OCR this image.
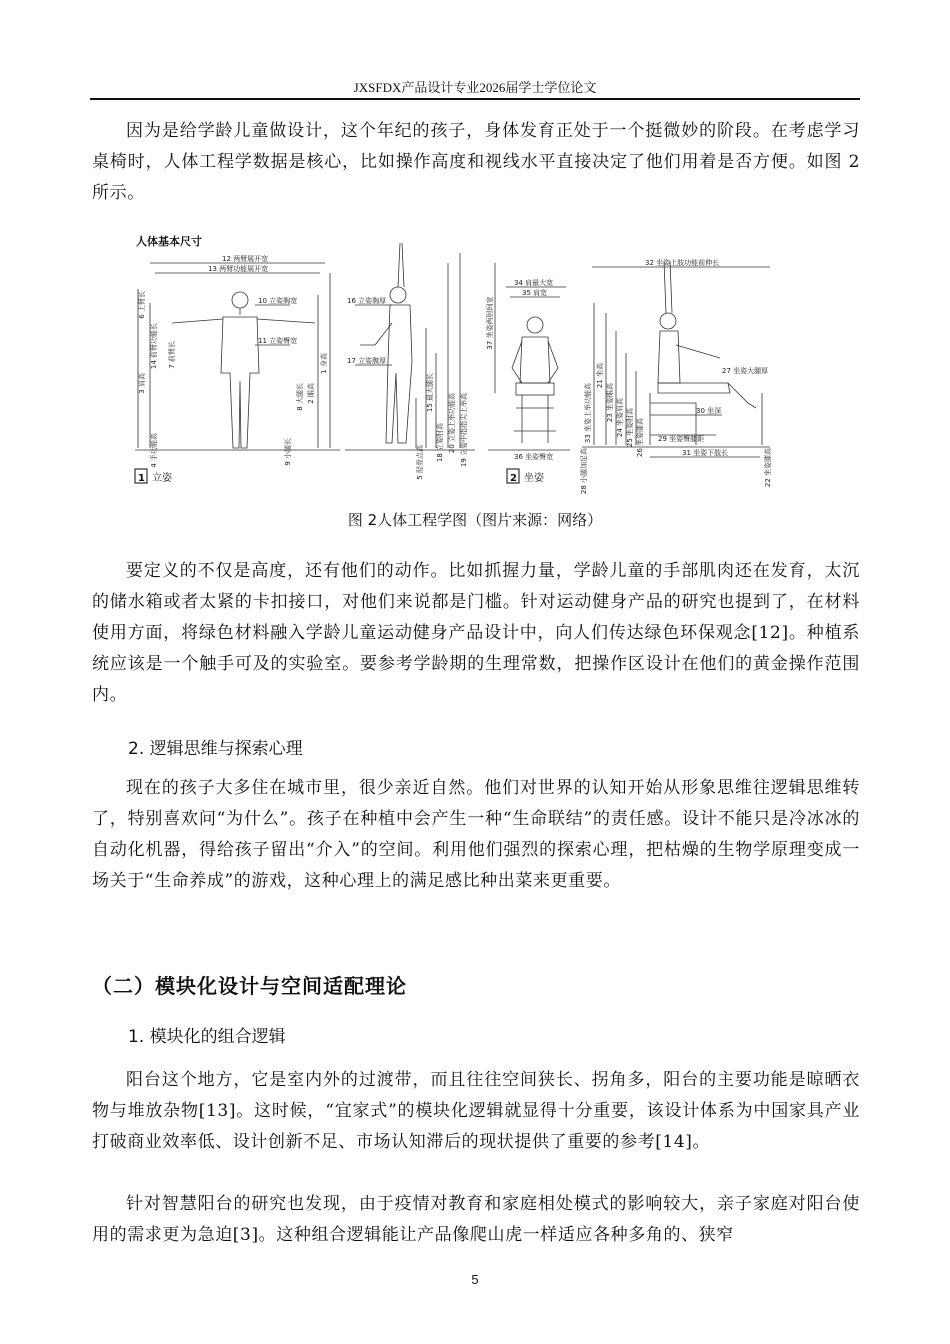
JXSFDX产品设计专业2026届学士学位论文

因为是给学龄儿童做设计，这个年纪的孩子，身体发育正处于一个挺微妙的阶段。在考虑学习桌椅时，人体工程学数据是核心，比如操作高度和视线水平直接决定了他们用着是否方便。如图 2所示。

人体基本尺寸
12 两臂展开宽
13 两臂功能展开宽
10 立姿胸宽
11 立姿臀宽
6 上臂长
14 前臂功能长 7 前臂长
3 肩高
4 手功能高
1 身高
2 眼高
8 大腿长
9 小腿长
16 立姿胸厚
17 立姿腹厚
15 最大腿长
18 立姿肘高 20 立姿上举功能高 19 立姿中指指尖上举高
5 胫骨点高
34 肩最大宽
35 肩宽
37 坐姿两肘间宽
36 坐姿臀宽
32 坐姿上肢功能前伸长
33 坐姿上举功能高
21 坐高
23 坐姿眼高 24 坐姿肩高 25 坐姿肘高 26 坐姿膝高
27 坐姿大腿厚
30 坐深
29 坐姿臀膝距
28 小腿加足高	22 坐姿膝高
31 坐姿下肢长
1 立姿	2 坐姿
图 2人体工程学图（图片来源：网络）

要定义的不仅是高度，还有他们的动作。比如抓握力量，学龄儿童的手部肌肉还在发育，太沉的储水箱或者太紧的卡扣接口，对他们来说都是门槛。针对运动健身产品的研究也提到了，在材料使用方面，将绿色材料融入学龄儿童运动健身产品设计中，向人们传达绿色环保观念[12]。种植系统应该是一个触手可及的实验室。要参考学龄期的生理常数，把操作区设计在他们的黄金操作范围内。

2. 逻辑思维与探索心理

现在的孩子大多住在城市里，很少亲近自然。他们对世界的认知开始从形象思维往逻辑思维转了，特别喜欢问“为什么”。孩子在种植中会产生一种“生命联结”的责任感。设计不能只是冷冰冰的自动化机器，得给孩子留出“介入”的空间。利用他们强烈的探索心理，把枯燥的生物学原理变成一场关于“生命养成”的游戏，这种心理上的满足感比种出菜来更重要。

（二）模块化设计与空间适配理论

1. 模块化的组合逻辑

阳台这个地方，它是室内外的过渡带，而且往往空间狭长、拐角多，阳台的主要功能是晾晒衣物与堆放杂物[13]。这时候，“宜家式”的模块化逻辑就显得十分重要，该设计体系为中国家具产业打破商业效率低、设计创新不足、市场认知滞后的现状提供了重要的参考[14]。

针对智慧阳台的研究也发现，由于疫情对教育和家庭相处模式的影响较大，亲子家庭对阳台使用的需求更为急迫[3]。这种组合逻辑能让产品像爬山虎一样适应各种多角的、狭窄

5
